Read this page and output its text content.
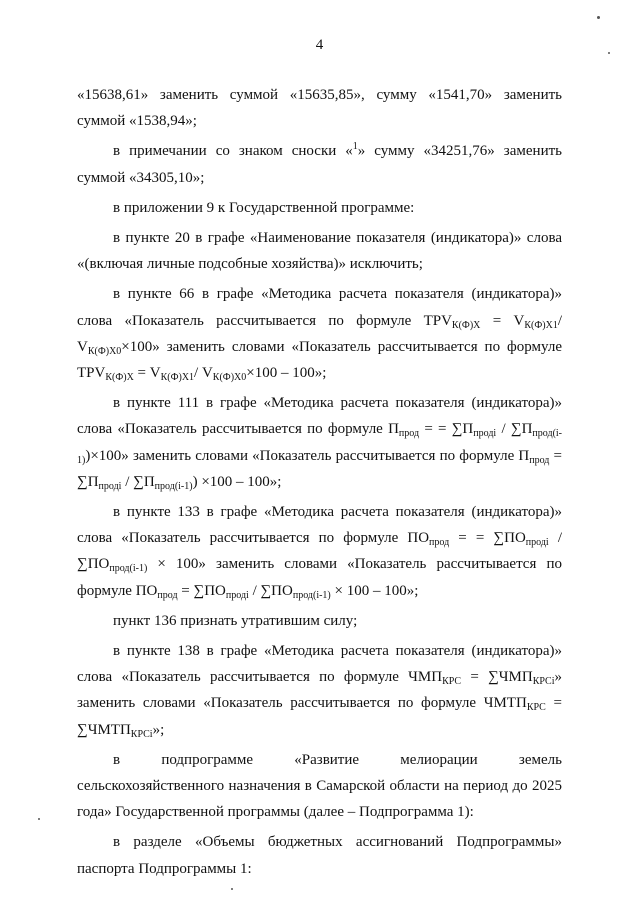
4

«15638,61» заменить суммой «15635,85», сумму «1541,70» заменить суммой «1538,94»;

в примечании со знаком сноски «$^1$» сумму «34251,76» заменить суммой «34305,10»;

в приложении 9 к Государственной программе:

в пункте 20 в графе «Наименование показателя (индикатора)» слова «(включая личные подсобные хозяйства)» исключить;

в пункте 66 в графе «Методика расчета показателя (индикатора)» слова «Показатель рассчитывается по формуле $TPV_{К(Ф)Х} = V_{К(Ф)Х1}/$ $V_{К(Ф)Х0}\times 100$» заменить словами «Показатель рассчитывается по формуле $TPV_{К(Ф)Х} = V_{К(Ф)Х1}/$ $V_{К(Ф)Х0}\times 100 - 100$»;

в пункте 111 в графе «Методика расчета показателя (индикатора)» слова «Показатель рассчитывается по формуле $П_{прод}$ = = $\sum П_{продi} / \sum П_{прод(i-1)})\times 100$» заменить словами «Показатель рассчитывается по формуле $П_{прод} = \sum П_{продi} / \sum П_{прод(i-1)}) \times 100 - 100$»;

в пункте 133 в графе «Методика расчета показателя (индикатора)» слова «Показатель рассчитывается по формуле $ПО_{прод}$ = = $\sum ПО_{продi} / \sum ПО_{прод(i-1)} \times 100$» заменить словами «Показатель рассчитывается по формуле $ПО_{прод} = \sum ПО_{продi} / \sum ПО_{прод(i-1)} \times 100 - 100$»;

пункт 136 признать утратившим силу;

в пункте 138 в графе «Методика расчета показателя (индикатора)» слова «Показатель рассчитывается по формуле $ЧМП_{КРС} = \sum ЧМП_{КРСi}$» заменить словами «Показатель рассчитывается по формуле $ЧМТП_{КРС}$ = $\sum ЧМТП_{КРСi}$»;

в подпрограмме «Развитие мелиорации земель сельскохозяйственного назначения в Самарской области на период до 2025 года» Государственной программы (далее – Подпрограмма 1):

в разделе «Объемы бюджетных ассигнований Подпрограммы» паспорта Подпрограммы 1:
